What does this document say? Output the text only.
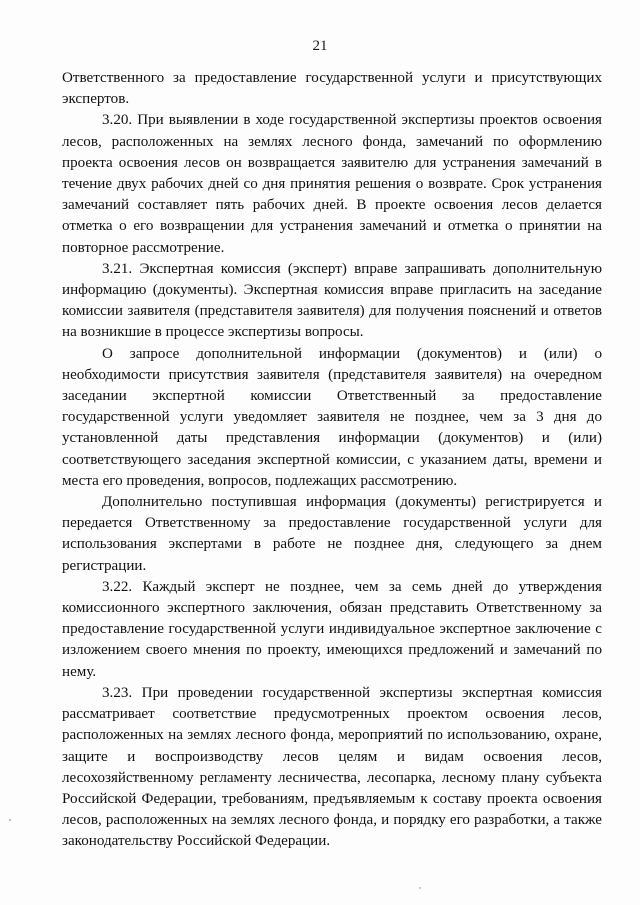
21

Ответственного за предоставление государственной услуги и присутствующих экспертов.

3.20. При выявлении в ходе государственной экспертизы проектов освоения лесов, расположенных на землях лесного фонда, замечаний по оформлению проекта освоения лесов он возвращается заявителю для устранения замечаний в течение двух рабочих дней со дня принятия решения о возврате. Срок устранения замечаний составляет пять рабочих дней. В проекте освоения лесов делается отметка о его возвращении для устранения замечаний и отметка о принятии на повторное рассмотрение.

3.21. Экспертная комиссия (эксперт) вправе запрашивать дополнительную информацию (документы). Экспертная комиссия вправе пригласить на заседание комиссии заявителя (представителя заявителя) для получения пояснений и ответов на возникшие в процессе экспертизы вопросы.

О запросе дополнительной информации (документов) и (или) о необходимости присутствия заявителя (представителя заявителя) на очередном заседании экспертной комиссии Ответственный за предоставление государственной услуги уведомляет заявителя не позднее, чем за 3 дня до установленной даты представления информации (документов) и (или) соответствующего заседания экспертной комиссии, с указанием даты, времени и места его проведения, вопросов, подлежащих рассмотрению.

Дополнительно поступившая информация (документы) регистрируется и передается Ответственному за предоставление государственной услуги для использования экспертами в работе не позднее дня, следующего за днем регистрации.

3.22. Каждый эксперт не позднее, чем за семь дней до утверждения комиссионного экспертного заключения, обязан представить Ответственному за предоставление государственной услуги индивидуальное экспертное заключение с изложением своего мнения по проекту, имеющихся предложений и замечаний по нему.

3.23. При проведении государственной экспертизы экспертная комиссия рассматривает соответствие предусмотренных проектом освоения лесов, расположенных на землях лесного фонда, мероприятий по использованию, охране, защите и воспроизводству лесов целям и видам освоения лесов, лесохозяйственному регламенту лесничества, лесопарка, лесному плану субъекта Российской Федерации, требованиям, предъявляемым к составу проекта освоения лесов, расположенных на землях лесного фонда, и порядку его разработки, а также законодательству Российской Федерации.
